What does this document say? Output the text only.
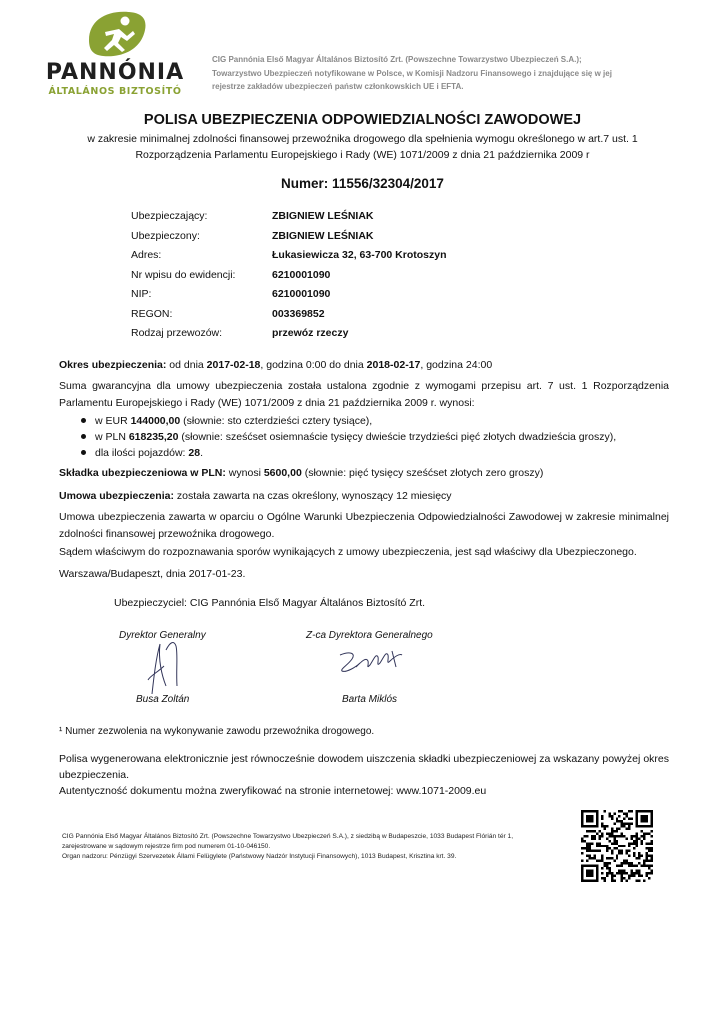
PANNÓNIA
ÁLTALÁNOS BIZTOSÍTÓ
CIG Pannónia Első Magyar Általános Biztosító Zrt. (Powszechne Towarzystwo Ubezpieczeń S.A.);
Towarzystwo Ubezpieczeń notyfikowane w Polsce, w Komisji Nadzoru Finansowego i znajdujące się w jej
rejestrze zakładów ubezpieczeń państw członkowskich UE i EFTA.
POLISA UBEZPIECZENIA ODPOWIEDZIALNOŚCI ZAWODOWEJ
w zakresie minimalnej zdolności finansowej przewoźnika drogowego dla spełnienia wymogu określonego w art.7 ust. 1
Rozporządzenia Parlamentu Europejskiego i Rady (WE) 1071/2009 z dnia 21 października 2009 r
Numer: 11556/32304/2017
Ubezpieczający:	ZBIGNIEW LEŚNIAK
Ubezpieczony:	ZBIGNIEW LEŚNIAK
Adres:	Łukasiewicza 32, 63-700 Krotoszyn
Nr wpisu do ewidencji:	6210001090
NIP:	6210001090
REGON:	003369852
Rodzaj przewozów:	przewóz rzeczy
Okres ubezpieczenia: od dnia 2017-02-18, godzina 0:00 do dnia 2018-02-17, godzina 24:00
Suma gwarancyjna dla umowy ubezpieczenia została ustalona zgodnie z wymogami przepisu art. 7 ust. 1 Rozporządzenia Parlamentu Europejskiego i Rady (WE) 1071/2009 z dnia 21 października 2009 r. wynosi:
w EUR 144000,00 (słownie: sto czterdzieści cztery tysiące),
w PLN 618235,20 (słownie: sześćset osiemnaście tysięcy dwieście trzydzieści pięć złotych dwadzieścia groszy),
dla ilości pojazdów: 28.
Składka ubezpieczeniowa w PLN: wynosi 5600,00 (słownie: pięć tysięcy sześćset złotych zero groszy)
Umowa ubezpieczenia: została zawarta na czas określony, wynoszący 12 miesięcy
Umowa ubezpieczenia zawarta w oparciu o Ogólne Warunki Ubezpieczenia Odpowiedzialności Zawodowej w zakresie minimalnej zdolności finansowej przewoźnika drogowego.
Sądem właściwym do rozpoznawania sporów wynikających z umowy ubezpieczenia, jest sąd właściwy dla Ubezpieczonego.
Warszawa/Budapeszt, dnia 2017-01-23.
Ubezpieczyciel: CIG Pannónia Első Magyar Általános Biztosító Zrt.
Dyrektor Generalny	Z-ca Dyrektora Generalnego
Busa Zoltán	Barta Miklós
¹ Numer zezwolenia na wykonywanie zawodu przewoźnika drogowego.
Polisa wygenerowana elektronicznie jest równocześnie dowodem uiszczenia składki ubezpieczeniowej za wskazany powyżej okres ubezpieczenia.
Autentyczność dokumentu można zweryfikować na stronie internetowej: www.1071-2009.eu
CIG Pannónia Első Magyar Általános Biztosító Zrt. (Powszechne Towarzystwo Ubezpieczeń S.A.), z siedzibą w Budapeszcie, 1033 Budapest Flórián tér 1,
zarejestrowane w sądowym rejestrze firm pod numerem 01-10-046150.
Organ nadzoru: Pénzügyi Szervezetek Állami Felügylete (Państwowy Nadzór Instytucji Finansowych), 1013 Budapest, Krisztina krt. 39.
